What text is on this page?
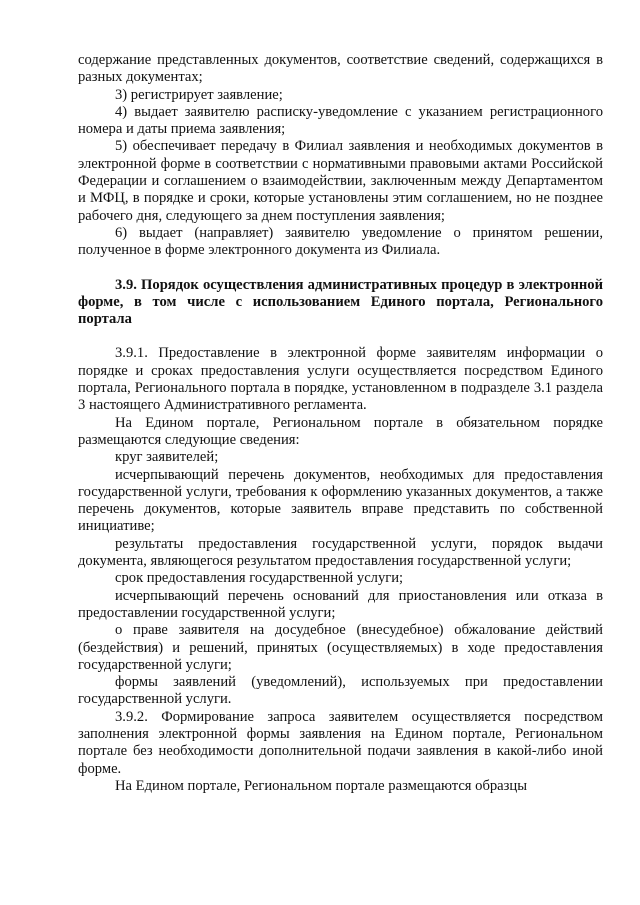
содержание представленных документов, соответствие сведений, содержащихся в разных документах;

3) регистрирует заявление;

4) выдает заявителю расписку-уведомление с указанием регистрационного номера и даты приема заявления;

5) обеспечивает передачу в Филиал заявления и необходимых документов в электронной форме в соответствии с нормативными правовыми актами Российской Федерации и соглашением о взаимодействии, заключенным между Департаментом и МФЦ, в порядке и сроки, которые установлены этим соглашением, но не позднее рабочего дня, следующего за днем поступления заявления;

6) выдает (направляет) заявителю уведомление о принятом решении, полученное в форме электронного документа из Филиала.

3.9. Порядок осуществления административных процедур в электронной форме, в том числе с использованием Единого портала, Регионального портала

3.9.1. Предоставление в электронной форме заявителям информации о порядке и сроках предоставления услуги осуществляется посредством Единого портала, Регионального портала в порядке, установленном в подразделе 3.1 раздела 3 настоящего Административного регламента.

На Едином портале, Региональном портале в обязательном порядке размещаются следующие сведения:

круг заявителей;

исчерпывающий перечень документов, необходимых для предоставления государственной услуги, требования к оформлению указанных документов, а также перечень документов, которые заявитель вправе представить по собственной инициативе;

результаты предоставления государственной услуги, порядок выдачи документа, являющегося результатом предоставления государственной услуги;

срок предоставления государственной услуги;

исчерпывающий перечень оснований для приостановления или отказа в предоставлении государственной услуги;

о праве заявителя на досудебное (внесудебное) обжалование действий (бездействия) и решений, принятых (осуществляемых) в ходе предоставления государственной услуги;

формы заявлений (уведомлений), используемых при предоставлении государственной услуги.

3.9.2. Формирование запроса заявителем осуществляется посредством заполнения электронной формы заявления на Едином портале, Региональном портале без необходимости дополнительной подачи заявления в какой-либо иной форме.

На Едином портале, Региональном портале размещаются образцы
